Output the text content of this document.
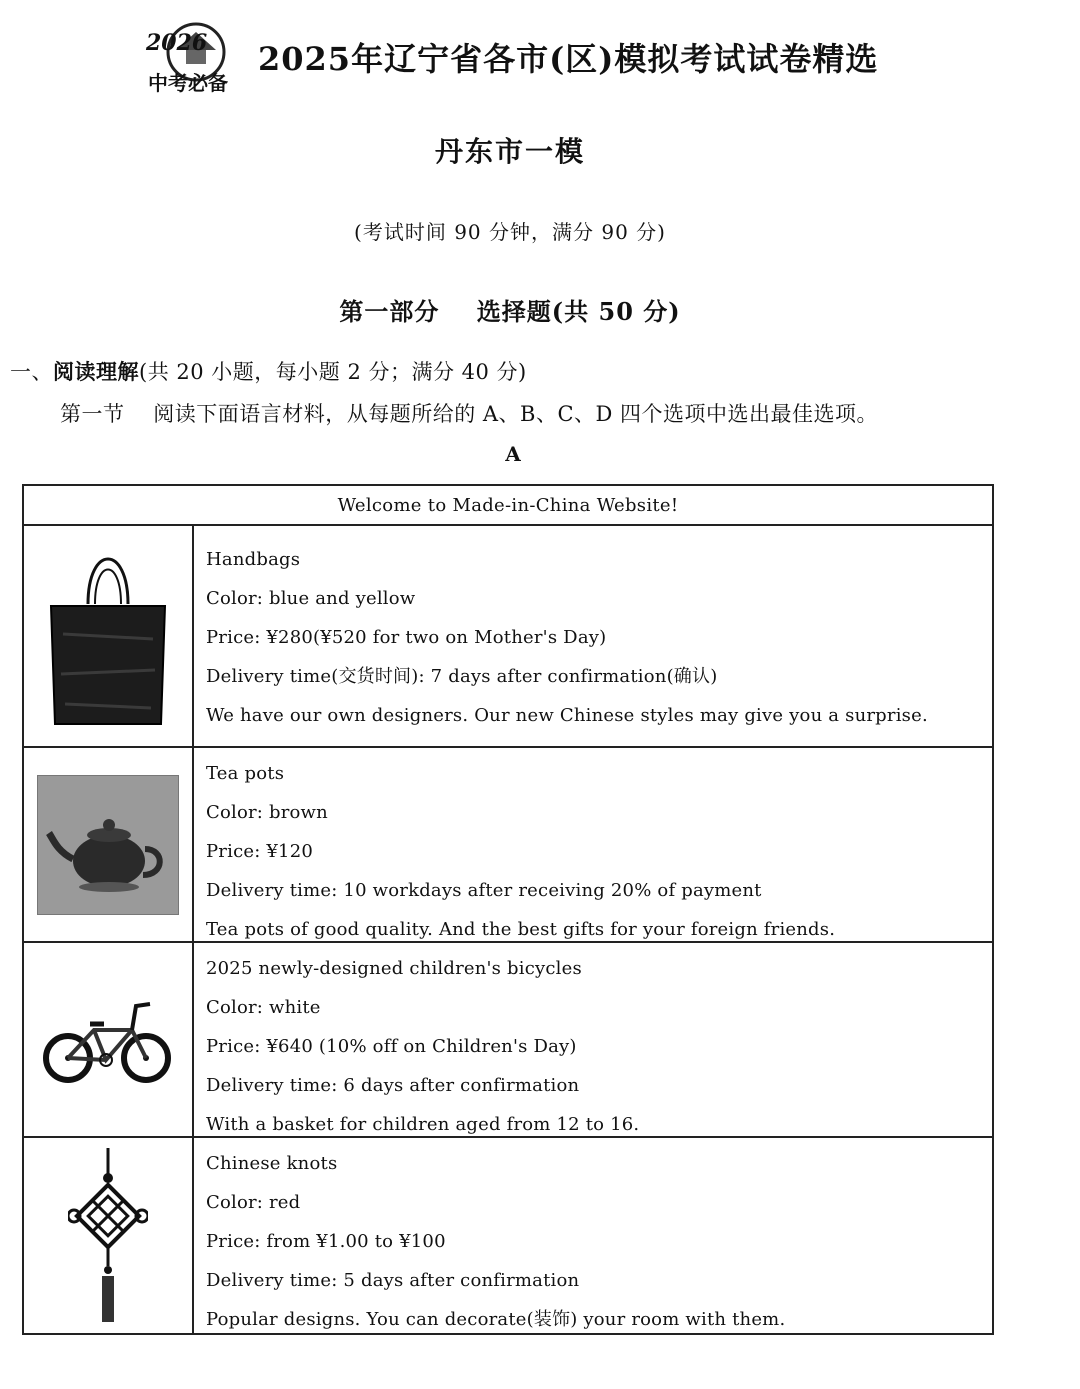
2026
中考必备
2025年辽宁省各市(区)模拟考试试卷精选
丹东市一模
(考试时间 90 分钟，满分 90 分)
第一部分    选择题(共 50 分)
一、阅读理解(共 20 小题，每小题 2 分；满分 40 分)
第一节    阅读下面语言材料，从每题所给的 A、B、C、D 四个选项中选出最佳选项。
A
Welcome to Made-in-China Website!
Handbags
Color: blue and yellow
Price: ¥280(¥520 for two on Mother's Day)
Delivery time(交货时间): 7 days after confirmation(确认)
We have our own designers. Our new Chinese styles may give you a surprise.
Tea pots
Color: brown
Price: ¥120
Delivery time: 10 workdays after receiving 20% of payment
Tea pots of good quality. And the best gifts for your foreign friends.
2025 newly-designed children's bicycles
Color: white
Price: ¥640 (10% off on Children's Day)
Delivery time: 6 days after confirmation
With a basket for children aged from 12 to 16.
Chinese knots
Color: red
Price: from ¥1.00 to ¥100
Delivery time: 5 days after confirmation
Popular designs. You can decorate(装饰) your room with them.
